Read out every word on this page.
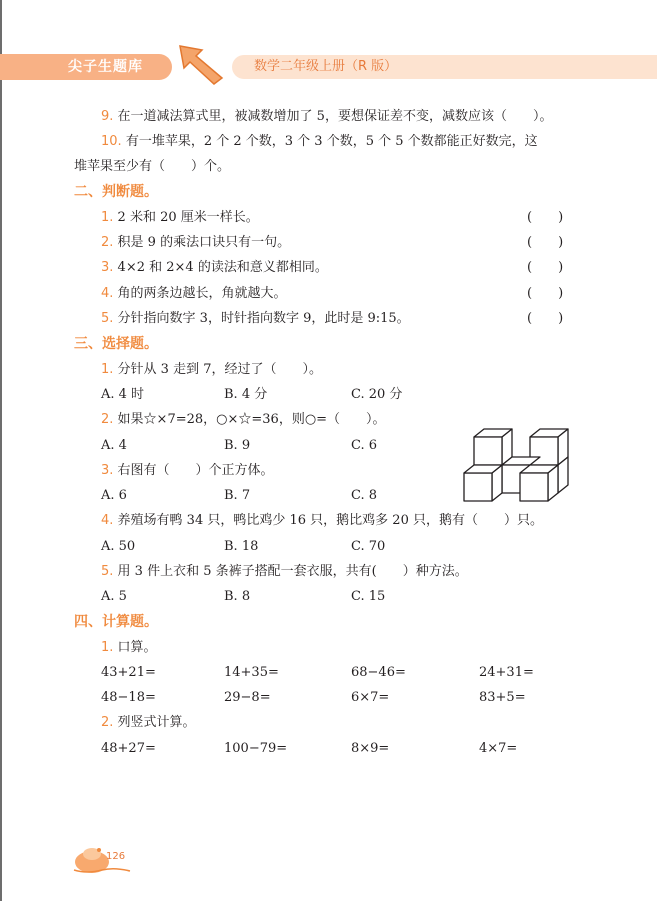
尖子生题库	数学二年级上册（R 版）
9. 在一道减法算式里，被减数增加了 5，要想保证差不变，减数应该（　　）。
10. 有一堆苹果，2 个 2 个数，3 个 3 个数，5 个 5 个数都能正好数完，这
堆苹果至少有（　　）个。
二、判断题。
1. 2 米和 20 厘米一样长。	(　　)
2. 积是 9 的乘法口诀只有一句。	(　　)
3. 4×2 和 2×4 的读法和意义都相同。	(　　)
4. 角的两条边越长，角就越大。	(　　)
5. 分针指向数字 3，时针指向数字 9，此时是 9:15。	(　　)
三、选择题。
1. 分针从 3 走到 7，经过了（　　）。
A. 4 时	B. 4 分	C. 20 分
2. 如果☆×7=28，○×☆=36，则○=（　　）。
A. 4	B. 9	C. 6
3. 右图有（　　）个正方体。
A. 6	B. 7	C. 8
4. 养殖场有鸭 34 只，鸭比鸡少 16 只，鹅比鸡多 20 只，鹅有（　　）只。
A. 50	B. 18	C. 70
5. 用 3 件上衣和 5 条裤子搭配一套衣服，共有(　　）种方法。
A. 5	B. 8	C. 15
四、计算题。
1. 口算。
43+21=	14+35=	68−46=	24+31=
48−18=	29−8=	6×7=	83+5=
2. 列竖式计算。
48+27=	100−79=	8×9=	4×7=
126
